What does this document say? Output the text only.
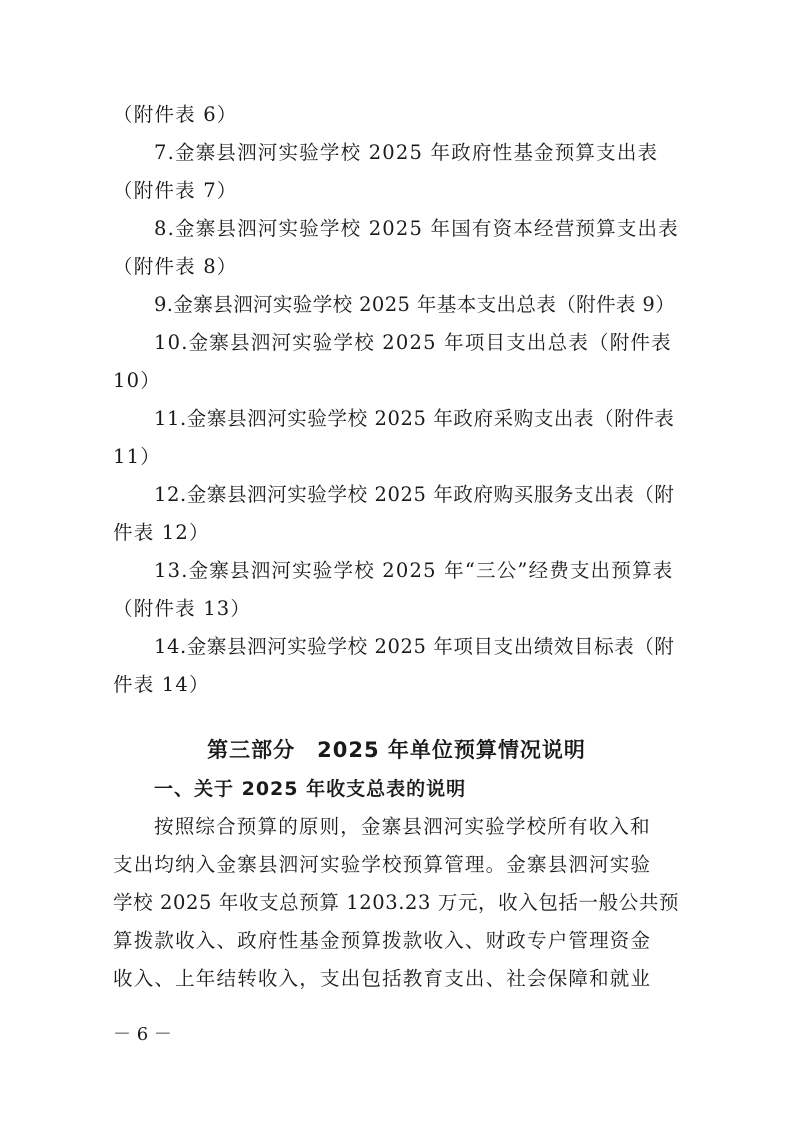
（附件表 6）
7.金寨县泗河实验学校 2025 年政府性基金预算支出表
（附件表 7）
8.金寨县泗河实验学校 2025 年国有资本经营预算支出表
（附件表 8）
9.金寨县泗河实验学校 2025 年基本支出总表（附件表 9）
10.金寨县泗河实验学校 2025 年项目支出总表（附件表
10）
11.金寨县泗河实验学校 2025 年政府采购支出表（附件表
11）
12.金寨县泗河实验学校 2025 年政府购买服务支出表（附
件表 12）
13.金寨县泗河实验学校 2025 年“三公”经费支出预算表
（附件表 13）
14.金寨县泗河实验学校 2025 年项目支出绩效目标表（附
件表 14）
第三部分　2025 年单位预算情况说明
一、关于 2025 年收支总表的说明
按照综合预算的原则，金寨县泗河实验学校所有收入和
支出均纳入金寨县泗河实验学校预算管理。金寨县泗河实验
学校 2025 年收支总预算 1203.23 万元，收入包括一般公共预
算拨款收入、政府性基金预算拨款收入、财政专户管理资金
收入、上年结转收入，支出包括教育支出、社会保障和就业
－ 6 －
